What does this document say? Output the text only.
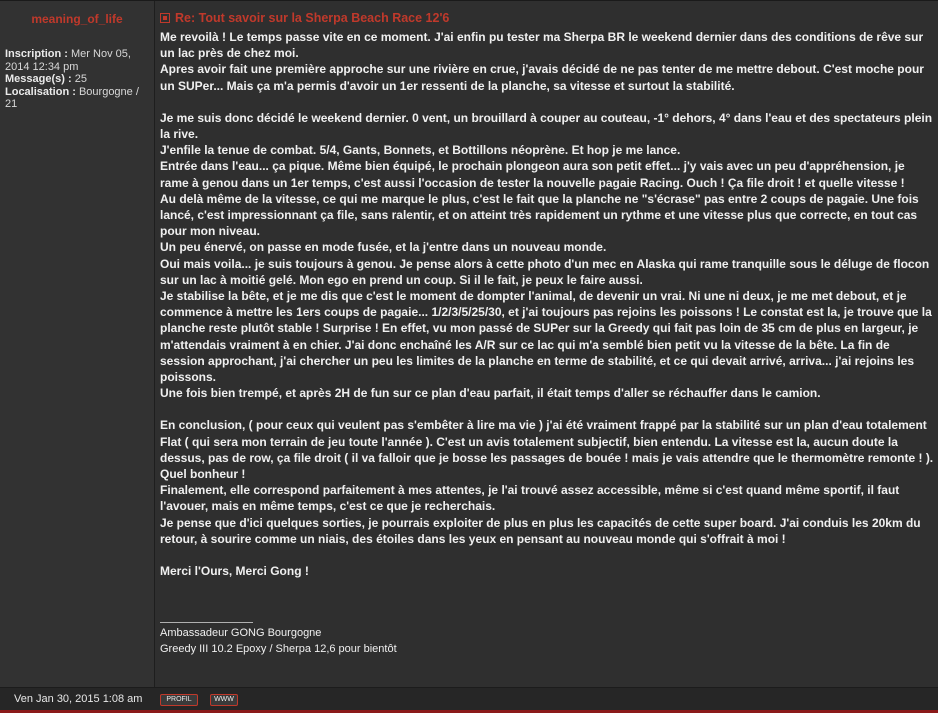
meaning_of_life
Inscription : Mer Nov 05, 2014 12:34 pm
Message(s) : 25
Localisation : Bourgogne / 21
Re: Tout savoir sur la Sherpa Beach Race 12'6

Me revoilà ! Le temps passe vite en ce moment. J'ai enfin pu tester ma Sherpa BR le weekend dernier dans des conditions de rêve sur un lac près de chez moi.

Apres avoir fait une première approche sur une rivière en crue, j'avais décidé de ne pas tenter de me mettre debout. C'est moche pour un SUPer... Mais ça m'a permis d'avoir un 1er ressenti de la planche, sa vitesse et surtout la stabilité.

Je me suis donc décidé le weekend dernier. 0 vent, un brouillard à couper au couteau, -1° dehors, 4° dans l'eau et des spectateurs plein la rive.

J'enfile la tenue de combat. 5/4, Gants, Bonnets, et Bottillons néoprène. Et hop je me lance.

Entrée dans l'eau... ça pique. Même bien équipé, le prochain plongeon aura son petit effet... j'y vais avec un peu d'appréhension, je rame à genou dans un 1er temps, c'est aussi l'occasion de tester la nouvelle pagaie Racing. Ouch ! Ça file droit ! et quelle vitesse !

Au delà même de la vitesse, ce qui me marque le plus, c'est le fait que la planche ne "s'écrase" pas entre 2 coups de pagaie. Une fois lancé, c'est impressionnant ça file, sans ralentir, et on atteint très rapidement un rythme et une vitesse plus que correcte, en tout cas pour mon niveau.

Un peu énervé, on passe en mode fusée, et la j'entre dans un nouveau monde.

Oui mais voila... je suis toujours à genou. Je pense alors à cette photo d'un mec en Alaska qui rame tranquille sous le déluge de flocon sur un lac à moitié gelé. Mon ego en prend un coup. Si il le fait, je peux le faire aussi.

Je stabilise la bête, et je me dis que c'est le moment de dompter l'animal, de devenir un vrai. Ni une ni deux, je me met debout, et je commence à mettre les 1ers coups de pagaie... 1/2/3/5/25/30, et j'ai toujours pas rejoins les poissons ! Le constat est la, je trouve que la planche reste plutôt stable ! Surprise ! En effet, vu mon passé de SUPer sur la Greedy qui fait pas loin de 35 cm de plus en largeur, je m'attendais vraiment à en chier. J'ai donc enchaîné les A/R sur ce lac qui m'a semblé bien petit vu la vitesse de la bête. La fin de session approchant, j'ai chercher un peu les limites de la planche en terme de stabilité, et ce qui devait arrivé, arriva... j'ai rejoins les poissons.

Une fois bien trempé, et après 2H de fun sur ce plan d'eau parfait, il était temps d'aller se réchauffer dans le camion.

En conclusion, ( pour ceux qui veulent pas s'embêter à lire ma vie ) j'ai été vraiment frappé par la stabilité sur un plan d'eau totalement Flat ( qui sera mon terrain de jeu toute l'année ). C'est un avis totalement subjectif, bien entendu. La vitesse est la, aucun doute la dessus, pas de row, ça file droit ( il va falloir que je bosse les passages de bouée ! mais je vais attendre que le thermomètre remonte ! ).

Quel bonheur !

Finalement, elle correspond parfaitement à mes attentes, je l'ai trouvé assez accessible, même si c'est quand même sportif, il faut l'avouer, mais en même temps, c'est ce que je recherchais.

Je pense que d'ici quelques sorties, je pourrais exploiter de plus en plus les capacités de cette super board. J'ai conduis les 20km du retour, à sourire comme un niais, des étoiles dans les yeux en pensant au nouveau monde qui s'offrait à moi !

Merci l'Ours, Merci Gong !

Ambassadeur GONG Bourgogne
Greedy III 10.2 Epoxy / Sherpa 12,6 pour bientôt
Ven Jan 30, 2015 1:08 am	PROFIL	WWW
